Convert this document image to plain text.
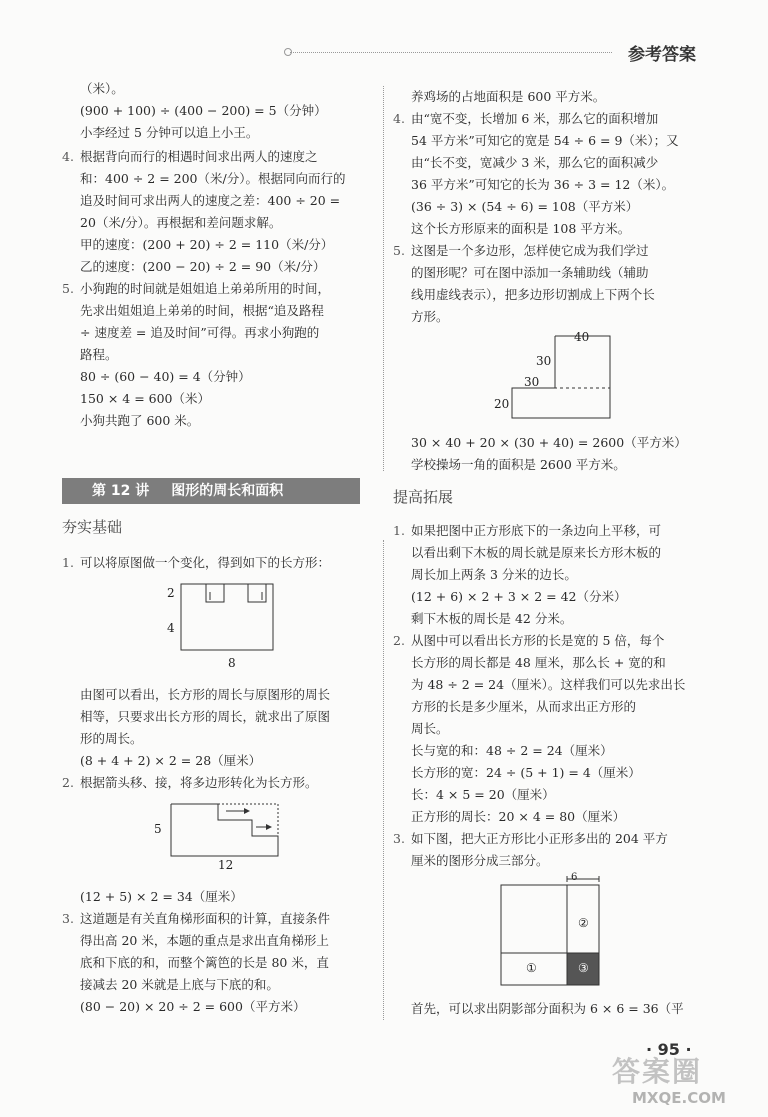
参考答案
（米）。
(900 + 100) ÷ (400 − 200) = 5（分钟）
小李经过 5 分钟可以追上小王。
4. 根据背向而行的相遇时间求出两人的速度之
和：400 ÷ 2 = 200（米/分）。根据同向而行的
追及时间可求出两人的速度之差：400 ÷ 20 =
20（米/分）。再根据和差问题求解。
甲的速度：(200 + 20) ÷ 2 = 110（米/分）
乙的速度：(200 − 20) ÷ 2 = 90（米/分）
5. 小狗跑的时间就是姐姐追上弟弟所用的时间，
先求出姐姐追上弟弟的时间，根据“追及路程
÷ 速度差 = 追及时间”可得。再求小狗跑的
路程。
80 ÷ (60 − 40) = 4（分钟）
150 × 4 = 600（米）
小狗共跑了 600 米。
第 12 讲 图形的周长和面积
夯实基础
1. 可以将原图做一个变化，得到如下的长方形：
由图可以看出，长方形的周长与原图形的周长
相等，只要求出长方形的周长，就求出了原图
形的周长。
(8 + 4 + 2) × 2 = 28（厘米）
2. 根据箭头移、接，将多边形转化为长方形。
(12 + 5) × 2 = 34（厘米）
3. 这道题是有关直角梯形面积的计算，直接条件
得出高 20 米，本题的重点是求出直角梯形上
底和下底的和，而整个篱笆的长是 80 米，直
接减去 20 米就是上底与下底的和。
(80 − 20) × 20 ÷ 2 = 600（平方米）
2
4
8
5
12
养鸡场的占地面积是 600 平方米。
4. 由“宽不变，长增加 6 米，那么它的面积增加
54 平方米”可知它的宽是 54 ÷ 6 = 9（米）；又
由“长不变，宽减少 3 米，那么它的面积减少
36 平方米”可知它的长为 36 ÷ 3 = 12（米）。
(36 ÷ 3) × (54 ÷ 6) = 108（平方米）
这个长方形原来的面积是 108 平方米。
5. 这图是一个多边形，怎样使它成为我们学过
的图形呢？可在图中添加一条辅助线（辅助
线用虚线表示），把多边形切割成上下两个长
方形。
30 × 40 + 20 × (30 + 40) = 2600（平方米）
学校操场一角的面积是 2600 平方米。
40
30
30
20
提高拓展
1. 如果把图中正方形底下的一条边向上平移，可
以看出剩下木板的周长就是原来长方形木板的
周长加上两条 3 分米的边长。
(12 + 6) × 2 + 3 × 2 = 42（分米）
剩下木板的周长是 42 分米。
2. 从图中可以看出长方形的长是宽的 5 倍，每个
长方形的周长都是 48 厘米，那么长 + 宽的和
为 48 ÷ 2 = 24（厘米）。这样我们可以先求出长
方形的长是多少厘米，从而求出正方形的
周长。
长与宽的和：48 ÷ 2 = 24（厘米）
长方形的宽：24 ÷ (5 + 1) = 4（厘米）
长：4 × 5 = 20（厘米）
正方形的周长：20 × 4 = 80（厘米）
3. 如下图，把大正方形比小正形多出的 204 平方
厘米的图形分成三部分。
首先，可以求出阴影部分面积为 6 × 6 = 36（平
6
②
①	③
· 95 ·
答案圈
MXQE.COM
